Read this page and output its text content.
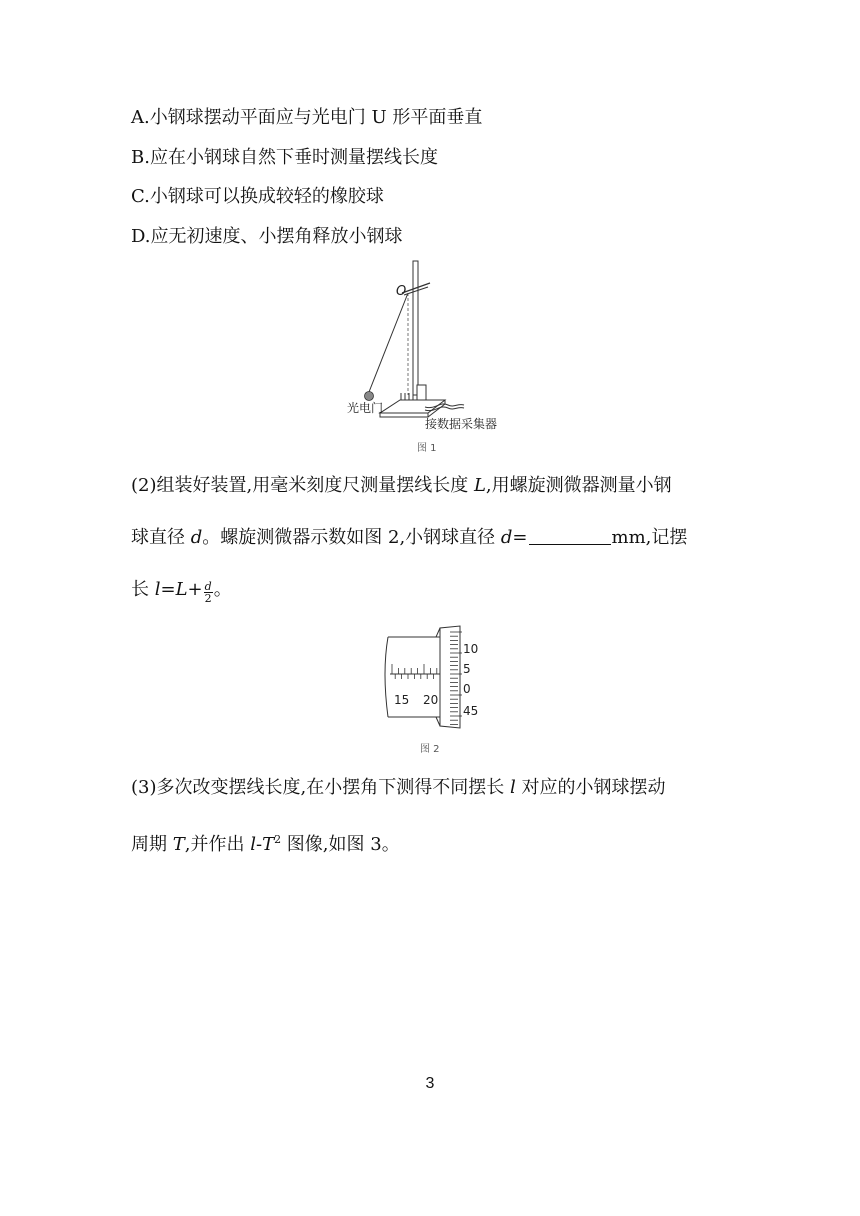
A.小钢球摆动平面应与光电门 U 形平面垂直
B.应在小钢球自然下垂时测量摆线长度
C.小钢球可以换成较轻的橡胶球
D.应无初速度、小摆角释放小钢球
O
光电门
接数据采集器
图 1
(2)组装好装置,用毫米刻度尺测量摆线长度 L,用螺旋测微器测量小钢
球直径 d。螺旋测微器示数如图 2,小钢球直径 d=	mm,记摆
长 $l=L+ \frac{d}{2}$ 。
15 20
10
5
0
45
图 2
(3)多次改变摆线长度,在小摆角下测得不同摆长 l 对应的小钢球摆动
周期 T,并作出 $l-T^2$ 图像,如图 3。
3
